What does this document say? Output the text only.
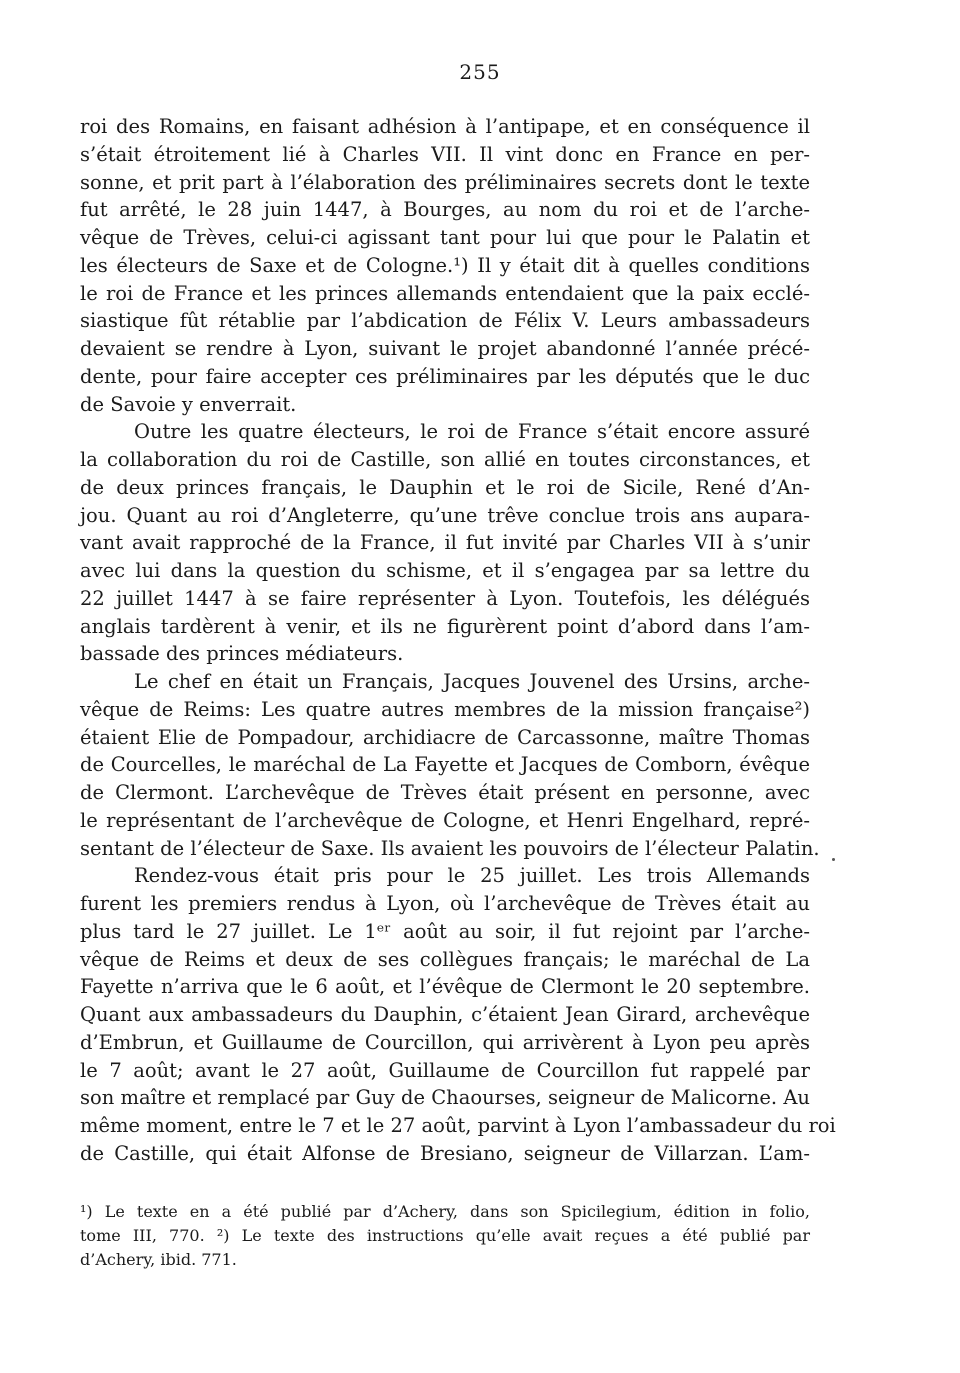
255
roi des Romains, en faisant adhésion à l’antipape, et en conséquence il
s’était étroitement lié à Charles VII. Il vint donc en France en per-
sonne, et prit part à l’élaboration des préliminaires secrets dont le texte
fut arrêté, le 28 juin 1447, à Bourges, au nom du roi et de l’arche-
vêque de Trèves, celui-ci agissant tant pour lui que pour le Palatin et
les électeurs de Saxe et de Cologne.¹) Il y était dit à quelles conditions
le roi de France et les princes allemands entendaient que la paix ecclé-
siastique fût rétablie par l’abdication de Félix V. Leurs ambassadeurs
devaient se rendre à Lyon, suivant le projet abandonné l’année précé-
dente, pour faire accepter ces préliminaires par les députés que le duc
de Savoie y enverrait.
Outre les quatre électeurs, le roi de France s’était encore assuré
la collaboration du roi de Castille, son allié en toutes circonstances, et
de deux princes français, le Dauphin et le roi de Sicile, René d’An-
jou. Quant au roi d’Angleterre, qu’une trêve conclue trois ans aupara-
vant avait rapproché de la France, il fut invité par Charles VII à s’unir
avec lui dans la question du schisme, et il s’engagea par sa lettre du
22 juillet 1447 à se faire représenter à Lyon. Toutefois, les délégués
anglais tardèrent à venir, et ils ne figurèrent point d’abord dans l’am-
bassade des princes médiateurs.
Le chef en était un Français, Jacques Jouvenel des Ursins, arche-
vêque de Reims: Les quatre autres membres de la mission française²)
étaient Elie de Pompadour, archidiacre de Carcassonne, maître Thomas
de Courcelles, le maréchal de La Fayette et Jacques de Comborn, évêque
de Clermont. L’archevêque de Trèves était présent en personne, avec
le représentant de l’archevêque de Cologne, et Henri Engelhard, repré-
sentant de l’électeur de Saxe. Ils avaient les pouvoirs de l’électeur Palatin.
Rendez-vous était pris pour le 25 juillet. Les trois Allemands
furent les premiers rendus à Lyon, où l’archevêque de Trèves était au
plus tard le 27 juillet. Le 1ᵉʳ août au soir, il fut rejoint par l’arche-
vêque de Reims et deux de ses collègues français; le maréchal de La
Fayette n’arriva que le 6 août, et l’évêque de Clermont le 20 septembre.
Quant aux ambassadeurs du Dauphin, c’étaient Jean Girard, archevêque
d’Embrun, et Guillaume de Courcillon, qui arrivèrent à Lyon peu après
le 7 août; avant le 27 août, Guillaume de Courcillon fut rappelé par
son maître et remplacé par Guy de Chaourses, seigneur de Malicorne. Au
même moment, entre le 7 et le 27 août, parvint à Lyon l’ambassadeur du roi
de Castille, qui était Alfonse de Bresiano, seigneur de Villarzan. L’am-
¹) Le texte en a été publié par d’Achery, dans son Spicilegium, édition in folio,
tome III, 770. ²) Le texte des instructions qu’elle avait reçues a été publié par
d’Achery, ibid. 771.
